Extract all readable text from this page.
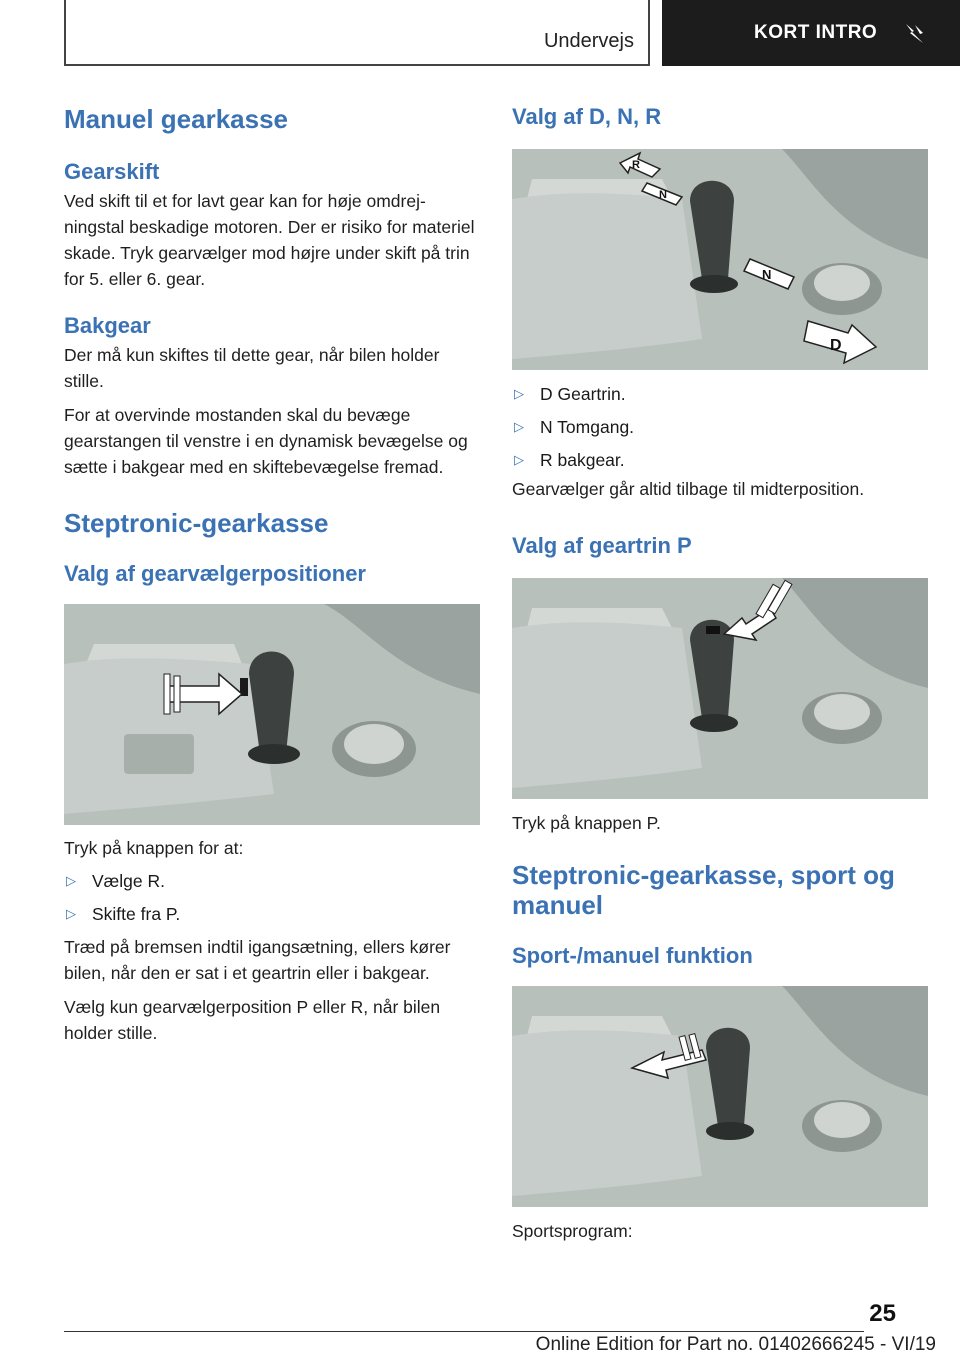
Undervejs	KORT INTRO
Manuel gearkasse
Gearskift

Ved skift til et for lavt gear kan for høje omdrejningstal beskadige motoren. Der er risiko for materiel skade. Tryk gearvælger mod højre under skift på trin for 5. eller 6. gear.

Bakgear

Der må kun skiftes til dette gear, når bilen holder stille.

For at overvinde mostanden skal du bevæge gearstangen til venstre i en dynamisk bevægelse og sætte i bakgear med en skiftebevægelse fremad.

Steptronic-gearkasse
Valg af gearvælgerpositioner

Tryk på knappen for at:

▷ Vælge R.
▷ Skifte fra P.

Træd på bremsen indtil igangsætning, ellers kører bilen, når den er sat i et geartrin eller i bakgear.

Vælg kun gearvælgerposition P eller R, når bilen holder stille.

Valg af D, N, R
R
N
N
D
▷ D Geartrin.
▷ N Tomgang.
▷ R bakgear.

Gearvælger går altid tilbage til midterposition.

Valg af geartrin P

Tryk på knappen P.

Steptronic-gearkasse, sport og manuel
Sport-/manuel funktion

Sportsprogram:

25
Online Edition for Part no. 01402666245 - VI/19
